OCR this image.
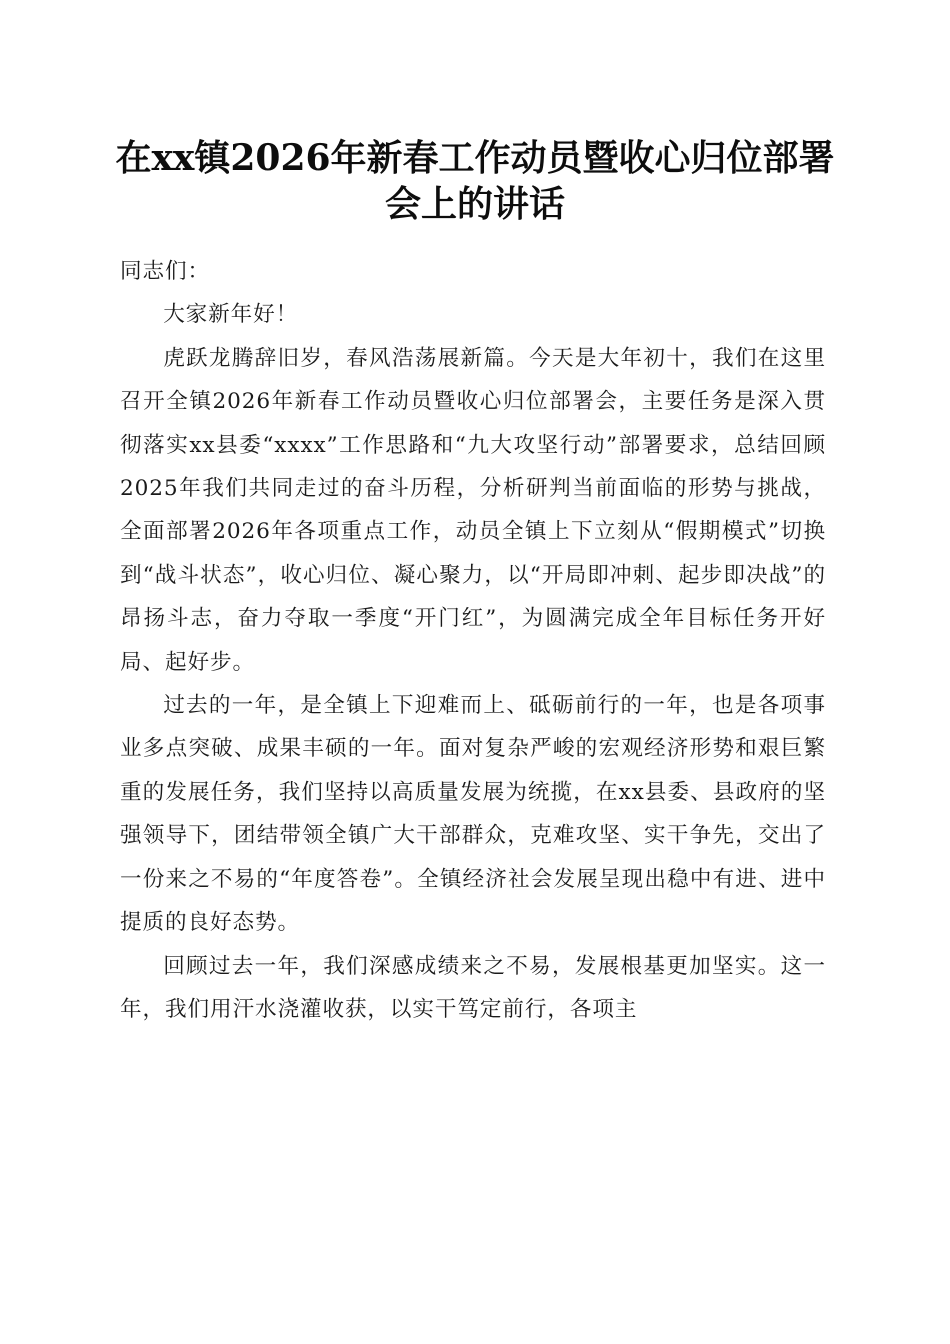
在xx镇2026年新春工作动员暨收心归位部署
会上的讲话

同志们：

大家新年好！

虎跃龙腾辞旧岁，春风浩荡展新篇。今天是大年初十，我们在这里召开全镇2026年新春工作动员暨收心归位部署会，主要任务是深入贯彻落实xx县委“xxxx”工作思路和“九大攻坚行动”部署要求，总结回顾2025年我们共同走过的奋斗历程，分析研判当前面临的形势与挑战，全面部署2026年各项重点工作，动员全镇上下立刻从“假期模式”切换到“战斗状态”，收心归位、凝心聚力，以“开局即冲刺、起步即决战”的昂扬斗志，奋力夺取一季度“开门红”，为圆满完成全年目标任务开好局、起好步。

过去的一年，是全镇上下迎难而上、砥砺前行的一年，也是各项事业多点突破、成果丰硕的一年。面对复杂严峻的宏观经济形势和艰巨繁重的发展任务，我们坚持以高质量发展为统揽，在xx县委、县政府的坚强领导下，团结带领全镇广大干部群众，克难攻坚、实干争先，交出了一份来之不易的“年度答卷”。全镇经济社会发展呈现出稳中有进、进中提质的良好态势。

回顾过去一年，我们深感成绩来之不易，发展根基更加坚实。这一年，我们用汗水浇灌收获，以实干笃定前行，各项主
